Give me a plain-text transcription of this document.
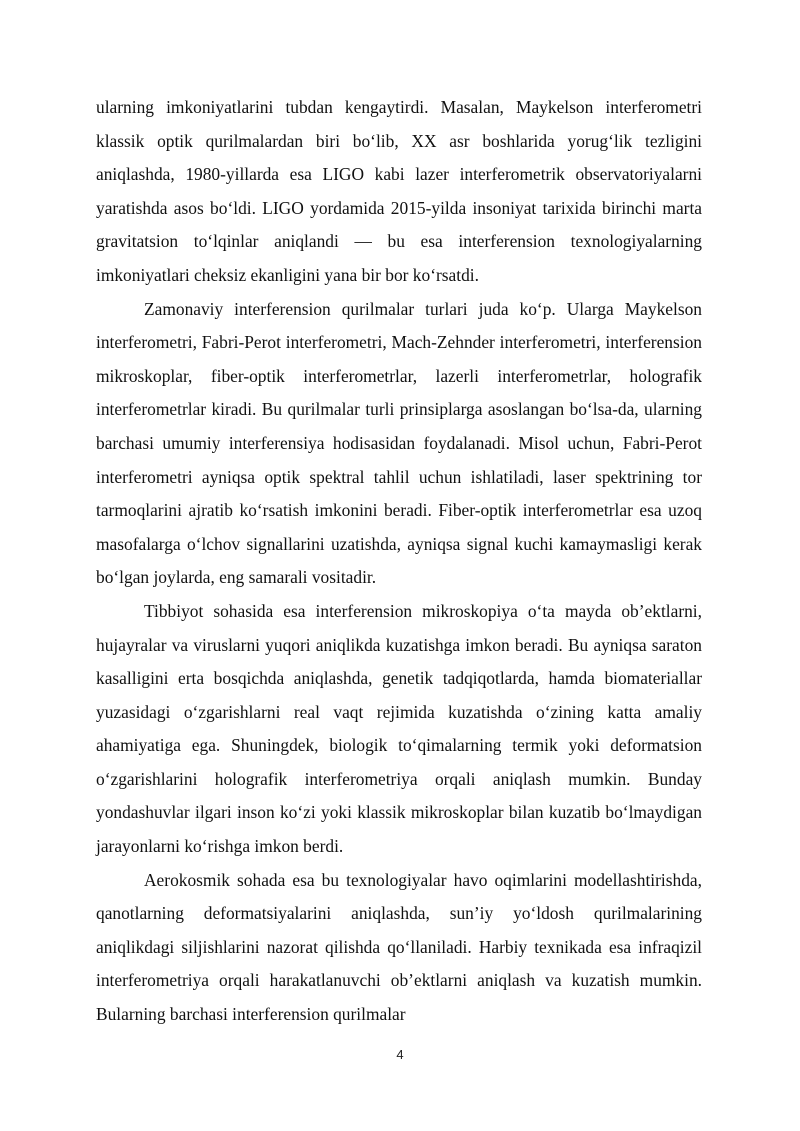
ularning imkoniyatlarini tubdan kengaytirdi. Masalan, Maykelson interferometri klassik optik qurilmalardan biri bo‘lib, XX asr boshlarida yorug‘lik tezligini aniqlashda, 1980-yillarda esa LIGO kabi lazer interferometrik observatoriyalarni yaratishda asos bo‘ldi. LIGO yordamida 2015-yilda insoniyat tarixida birinchi marta gravitatsion to‘lqinlar aniqlandi — bu esa interferension texnologiyalarning imkoniyatlari cheksiz ekanligini yana bir bor ko‘rsatdi.

Zamonaviy interferension qurilmalar turlari juda ko‘p. Ularga Maykelson interferometri, Fabri-Perot interferometri, Mach-Zehnder interferometri, interferension mikroskoplar, fiber-optik interferometrlar, lazerli interferometrlar, holografik interferometrlar kiradi. Bu qurilmalar turli prinsiplarga asoslangan bo‘lsa-da, ularning barchasi umumiy interferensiya hodisasidan foydalanadi. Misol uchun, Fabri-Perot interferometri ayniqsa optik spektral tahlil uchun ishlatiladi, laser spektrining tor tarmoqlarini ajratib ko‘rsatish imkonini beradi. Fiber-optik interferometrlar esa uzoq masofalarga o‘lchov signallarini uzatishda, ayniqsa signal kuchi kamaymasligi kerak bo‘lgan joylarda, eng samarali vositadir.

Tibbiyot sohasida esa interferension mikroskopiya o‘ta mayda ob’ektlarni, hujayralar va viruslarni yuqori aniqlikda kuzatishga imkon beradi. Bu ayniqsa saraton kasalligini erta bosqichda aniqlashda, genetik tadqiqotlarda, hamda biomateriallar yuzasidagi o‘zgarishlarni real vaqt rejimida kuzatishda o‘zining katta amaliy ahamiyatiga ega. Shuningdek, biologik to‘qimalarning termik yoki deformatsion o‘zgarishlarini holografik interferometriya orqali aniqlash mumkin. Bunday yondashuvlar ilgari inson ko‘zi yoki klassik mikroskoplar bilan kuzatib bo‘lmaydigan jarayonlarni ko‘rishga imkon berdi.

Aerokosmik sohada esa bu texnologiyalar havo oqimlarini modellashtirishda, qanotlarning deformatsiyalarini aniqlashda, sun’iy yo‘ldosh qurilmalarining aniqlikdagi siljishlarini nazorat qilishda qo‘llaniladi. Harbiy texnikada esa infraqizil interferometriya orqali harakatlanuvchi ob’ektlarni aniqlash va kuzatish mumkin. Bularning barchasi interferension qurilmalar

4
